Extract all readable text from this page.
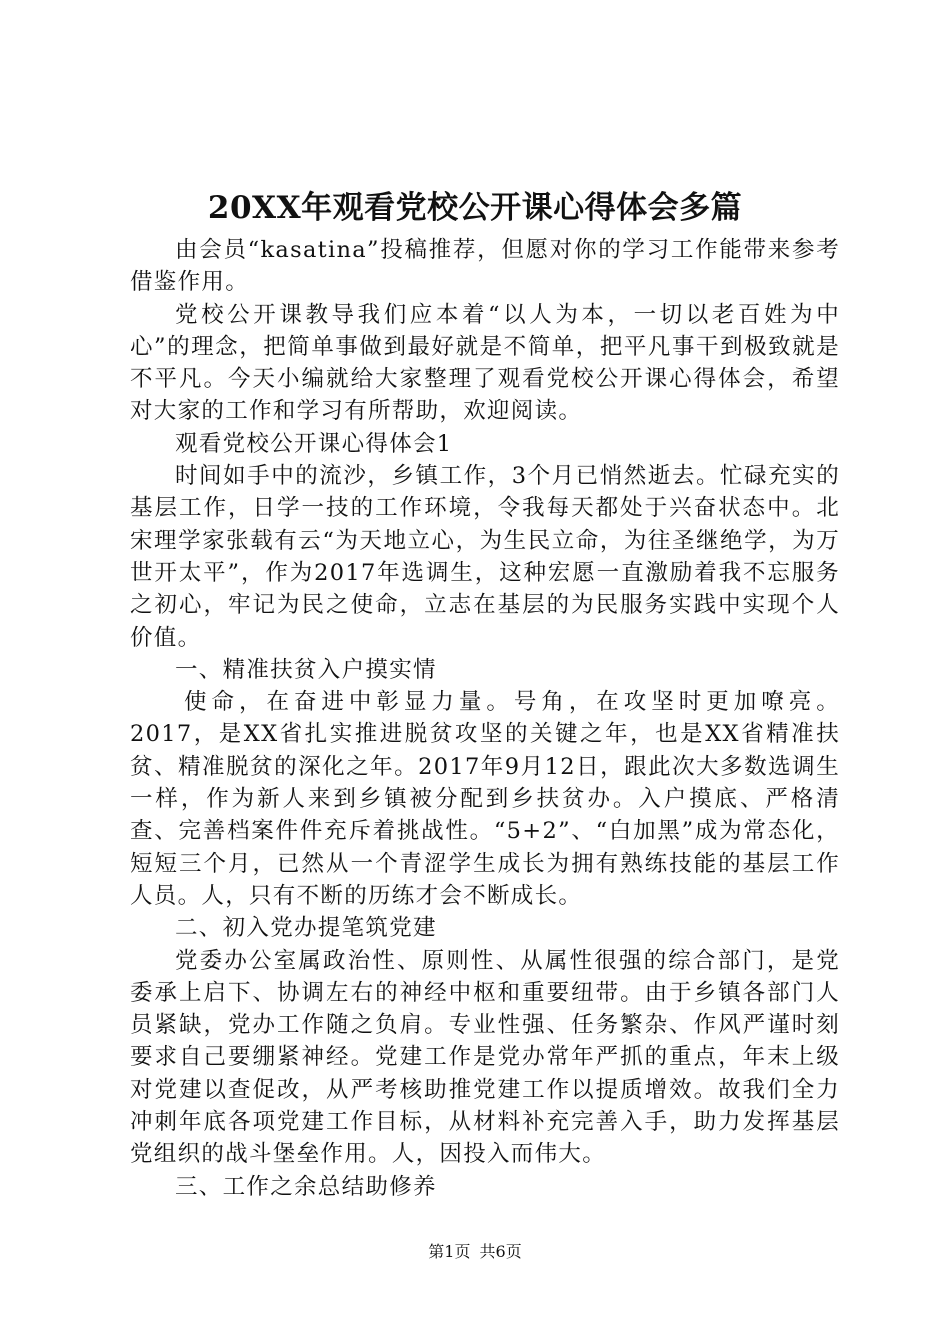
20XX年观看党校公开课心得体会多篇

由会员“kasatina”投稿推荐，但愿对你的学习工作能带来参考借鉴作用。

党校公开课教导我们应本着“以人为本，一切以老百姓为中心”的理念，把简单事做到最好就是不简单，把平凡事干到极致就是不平凡。今天小编就给大家整理了观看党校公开课心得体会，希望对大家的工作和学习有所帮助，欢迎阅读。

观看党校公开课心得体会1

时间如手中的流沙，乡镇工作，3个月已悄然逝去。忙碌充实的基层工作，日学一技的工作环境，令我每天都处于兴奋状态中。北宋理学家张载有云“为天地立心，为生民立命，为往圣继绝学，为万世开太平”，作为2017年选调生，这种宏愿一直激励着我不忘服务之初心，牢记为民之使命，立志在基层的为民服务实践中实现个人价值。

一、精准扶贫入户摸实情

使命，在奋进中彰显力量。号角，在攻坚时更加嘹亮。2017，是XX省扎实推进脱贫攻坚的关键之年，也是XX省精准扶贫、精准脱贫的深化之年。2017年9月12日，跟此次大多数选调生一样，作为新人来到乡镇被分配到乡扶贫办。入户摸底、严格清查、完善档案件件充斥着挑战性。“5+2”、“白加黑”成为常态化，短短三个月，已然从一个青涩学生成长为拥有熟练技能的基层工作人员。人，只有不断的历练才会不断成长。

二、初入党办提笔筑党建

党委办公室属政治性、原则性、从属性很强的综合部门，是党委承上启下、协调左右的神经中枢和重要纽带。由于乡镇各部门人员紧缺，党办工作随之负肩。专业性强、任务繁杂、作风严谨时刻要求自己要绷紧神经。党建工作是党办常年严抓的重点，年末上级对党建以查促改，从严考核助推党建工作以提质增效。故我们全力冲刺年底各项党建工作目标，从材料补充完善入手，助力发挥基层党组织的战斗堡垒作用。人，因投入而伟大。

三、工作之余总结助修养

第1页 共6页
